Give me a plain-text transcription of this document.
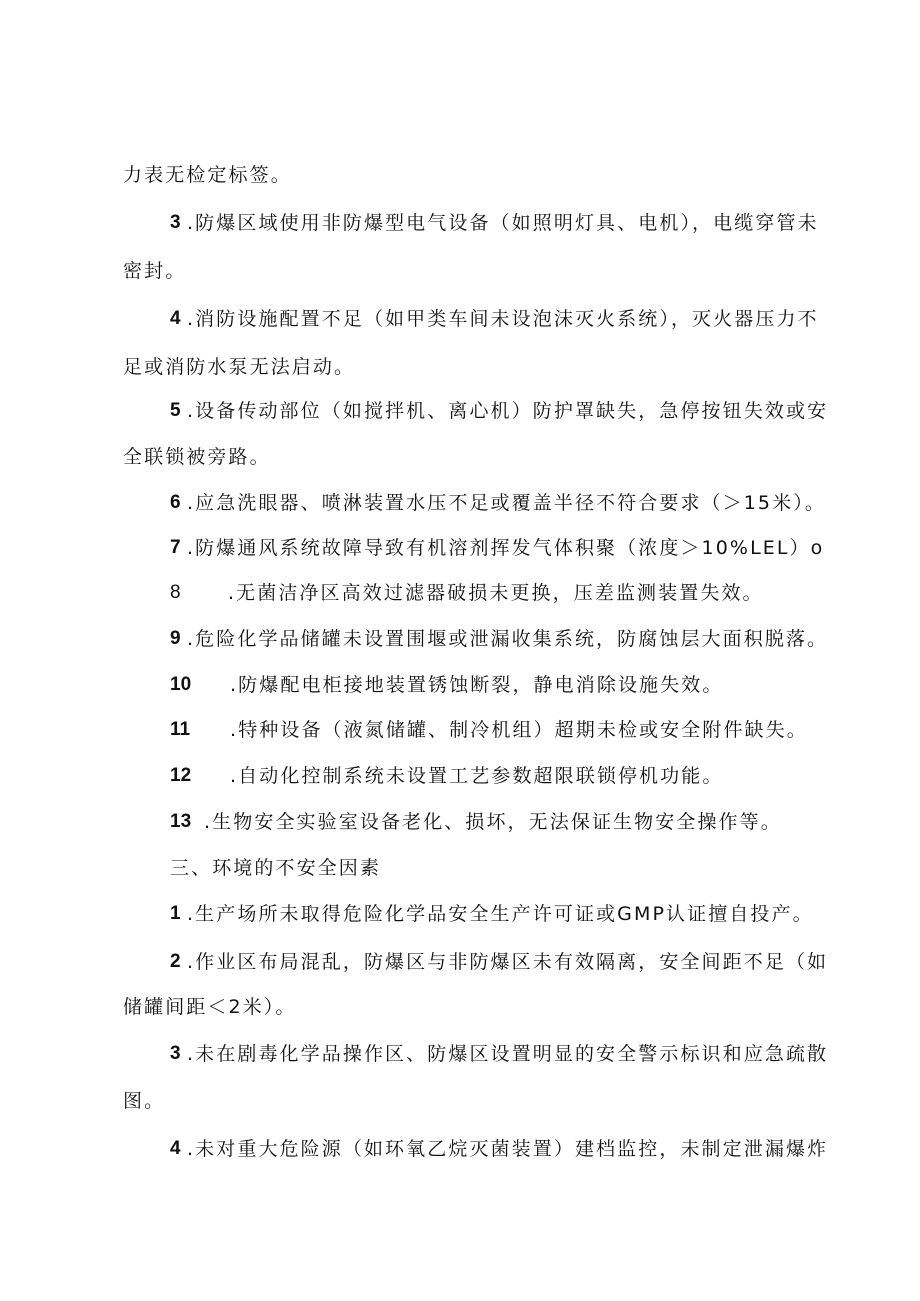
力表无检定标签。
3 .防爆区域使用非防爆型电气设备（如照明灯具、电机），电缆穿管未
密封。
4 .消防设施配置不足（如甲类车间未设泡沫灭火系统），灭火器压力不
足或消防水泵无法启动。
5 .设备传动部位（如搅拌机、离心机）防护罩缺失，急停按钮失效或安
全联锁被旁路。
6 .应急洗眼器、喷淋装置水压不足或覆盖半径不符合要求（＞15米）。
7 .防爆通风系统故障导致有机溶剂挥发气体积聚（浓度＞10%LEL）o
8 .无菌洁净区高效过滤器破损未更换，压差监测装置失效。
9 .危险化学品储罐未设置围堰或泄漏收集系统，防腐蚀层大面积脱落。
10 .防爆配电柜接地装置锈蚀断裂，静电消除设施失效。
11 .特种设备（液氮储罐、制冷机组）超期未检或安全附件缺失。
12 .自动化控制系统未设置工艺参数超限联锁停机功能。
13 .生物安全实验室设备老化、损坏，无法保证生物安全操作等。
三、环境的不安全因素
1 .生产场所未取得危险化学品安全生产许可证或GMP认证擅自投产。
2 .作业区布局混乱，防爆区与非防爆区未有效隔离，安全间距不足（如
储罐间距＜2米）。
3 .未在剧毒化学品操作区、防爆区设置明显的安全警示标识和应急疏散
图。
4 .未对重大危险源（如环氧乙烷灭菌装置）建档监控，未制定泄漏爆炸
